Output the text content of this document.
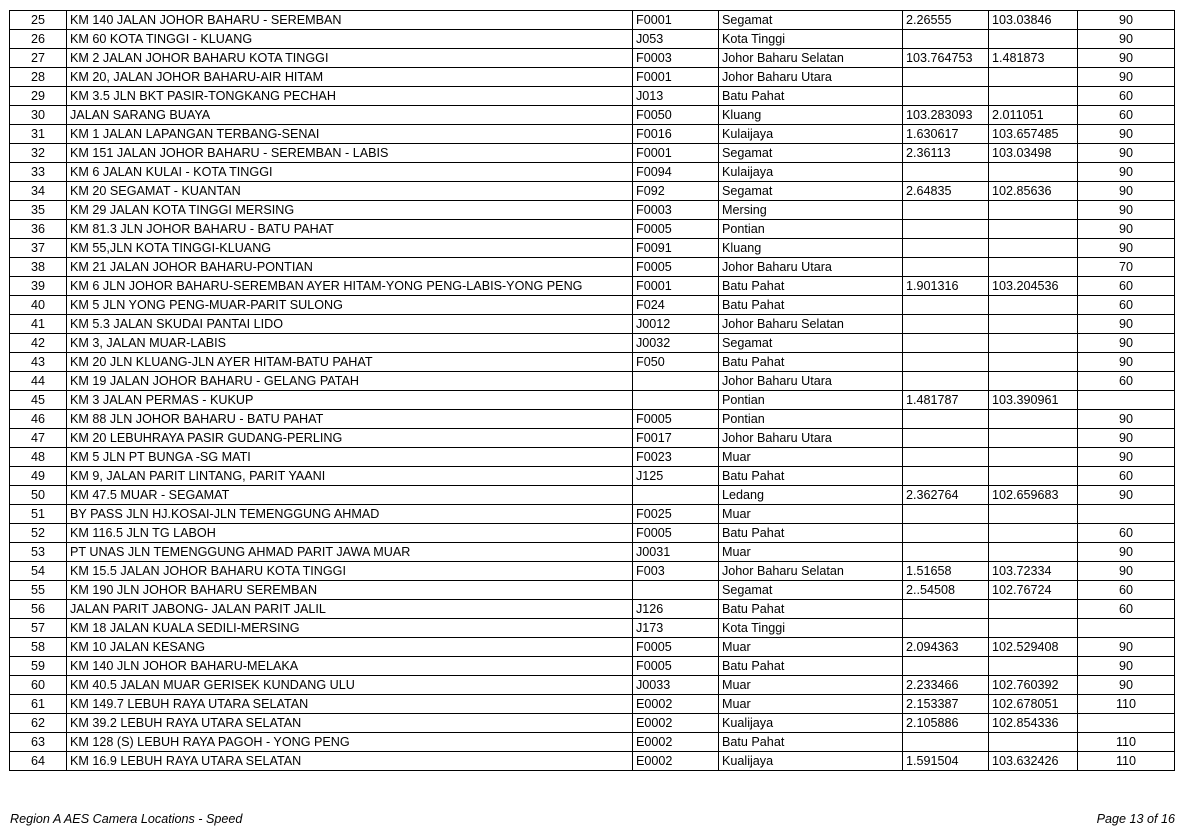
25	KM 140 JALAN JOHOR BAHARU - SEREMBAN	F0001	Segamat	2.26555	103.03846	90
26	KM 60 KOTA TINGGI - KLUANG	J053	Kota Tinggi			90
27	KM 2 JALAN JOHOR BAHARU KOTA TINGGI	F0003	Johor Baharu Selatan	103.764753	1.481873	90
28	KM 20, JALAN JOHOR BAHARU-AIR HITAM	F0001	Johor Baharu Utara			90
29	KM 3.5 JLN BKT PASIR-TONGKANG PECHAH	J013	Batu Pahat			60
30	JALAN SARANG BUAYA	F0050	Kluang	103.283093	2.011051	60
31	KM 1 JALAN LAPANGAN TERBANG-SENAI	F0016	Kulaijaya	1.630617	103.657485	90
32	KM 151 JALAN JOHOR BAHARU - SEREMBAN - LABIS	F0001	Segamat	2.36113	103.03498	90
33	KM 6 JALAN KULAI - KOTA TINGGI	F0094	Kulaijaya			90
34	KM 20 SEGAMAT - KUANTAN	F092	Segamat	2.64835	102.85636	90
35	KM 29 JALAN KOTA TINGGI MERSING	F0003	Mersing			90
36	KM 81.3 JLN JOHOR BAHARU - BATU PAHAT	F0005	Pontian			90
37	KM 55,JLN KOTA TINGGI-KLUANG	F0091	Kluang			90
38	KM 21 JALAN JOHOR BAHARU-PONTIAN	F0005	Johor Baharu Utara			70
39	KM 6 JLN JOHOR BAHARU-SEREMBAN AYER HITAM-YONG PENG-LABIS-YONG PENG	F0001	Batu Pahat	1.901316	103.204536	60
40	KM 5 JLN YONG PENG-MUAR-PARIT SULONG	F024	Batu Pahat			60
41	KM 5.3 JALAN SKUDAI PANTAI LIDO	J0012	Johor Baharu Selatan			90
42	KM 3, JALAN MUAR-LABIS	J0032	Segamat			90
43	KM 20 JLN KLUANG-JLN AYER HITAM-BATU PAHAT	F050	Batu Pahat			90
44	KM 19 JALAN JOHOR BAHARU - GELANG PATAH		Johor Baharu Utara			60
45	KM 3 JALAN PERMAS - KUKUP		Pontian	1.481787	103.390961	
46	KM 88 JLN JOHOR BAHARU - BATU PAHAT	F0005	Pontian			90
47	KM 20 LEBUHRAYA PASIR GUDANG-PERLING	F0017	Johor Baharu Utara			90
48	KM 5 JLN PT BUNGA -SG MATI	F0023	Muar			90
49	KM 9, JALAN PARIT LINTANG, PARIT YAANI	J125	Batu Pahat			60
50	KM 47.5 MUAR - SEGAMAT		Ledang	2.362764	102.659683	90
51	BY PASS JLN HJ.KOSAI-JLN TEMENGGUNG AHMAD	F0025	Muar			
52	KM 116.5 JLN TG LABOH	F0005	Batu Pahat			60
53	PT UNAS JLN TEMENGGUNG AHMAD PARIT JAWA MUAR	J0031	Muar			90
54	KM 15.5 JALAN JOHOR BAHARU KOTA TINGGI	F003	Johor Baharu Selatan	1.51658	103.72334	90
55	KM 190 JLN JOHOR BAHARU SEREMBAN		Segamat	2..54508	102.76724	60
56	JALAN PARIT JABONG- JALAN PARIT JALIL	J126	Batu Pahat			60
57	KM 18 JALAN KUALA SEDILI-MERSING	J173	Kota Tinggi			
58	KM 10 JALAN KESANG	F0005	Muar	2.094363	102.529408	90
59	KM 140 JLN JOHOR BAHARU-MELAKA	F0005	Batu Pahat			90
60	KM 40.5 JALAN MUAR GERISEK KUNDANG ULU	J0033	Muar	2.233466	102.760392	90
61	KM 149.7 LEBUH RAYA UTARA SELATAN	E0002	Muar	2.153387	102.678051	110
62	KM 39.2 LEBUH RAYA UTARA SELATAN	E0002	Kualijaya	2.105886	102.854336	
63	KM 128 (S) LEBUH RAYA PAGOH - YONG PENG	E0002	Batu Pahat			110
64	KM 16.9 LEBUH RAYA UTARA SELATAN	E0002	Kualijaya	1.591504	103.632426	110
Region A AES Camera Locations - Speed	Page 13 of 16
